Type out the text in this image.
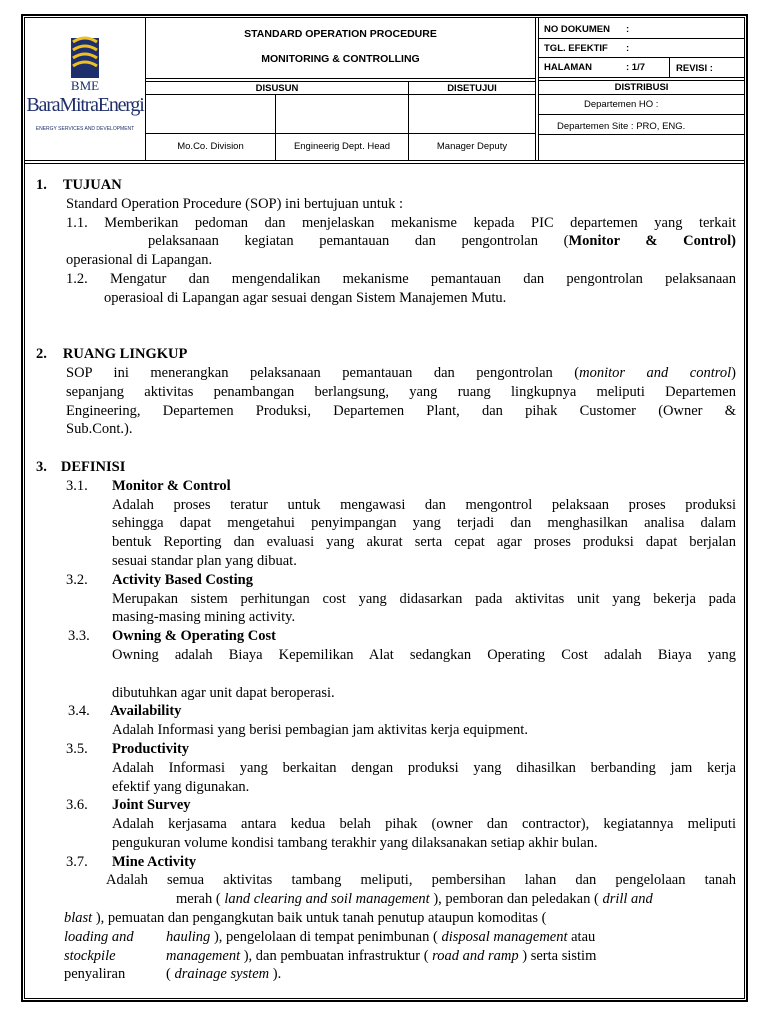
BME
BaraMitraEnergi
ENERGY SERVICES AND DEVELOPMENT
STANDARD OPERATION PROCEDURE
MONITORING & CONTROLLING
DISUSUN	DISETUJUI
Mo.Co. Division	Engineerig Dept. Head	Manager Deputy
NO DOKUMEN :
TGL. EFEKTIF :
HALAMAN	: 1/7	REVISI :
DISTRIBUSI
Departemen HO :
Departemen Site : PRO, ENG.

1. TUJUAN

Standard Operation Procedure (SOP) ini bertujuan untuk :

1.1. Memberikan pedoman dan menjelaskan mekanisme kepada PIC departemen yang terkait

pelaksanaan kegiatan pemantauan dan pengontrolan (Monitor & Control)

operasional di Lapangan.

1.2. Mengatur dan mengendalikan mekanisme pemantauan dan pengontrolan pelaksanaan

operasioal di Lapangan agar sesuai dengan Sistem Manajemen Mutu.

2. RUANG LINGKUP

SOP ini menerangkan pelaksanaan pemantauan dan pengontrolan (monitor and control)

sepanjang aktivitas penambangan berlangsung, yang ruang lingkupnya meliputi Departemen

Engineering, Departemen Produksi, Departemen Plant, dan pihak Customer (Owner &

Sub.Cont.).

3. DEFINISI

3.1. Monitor & Control

Adalah proses teratur untuk mengawasi dan mengontrol pelaksaan proses produksi

sehingga dapat mengetahui penyimpangan yang terjadi dan menghasilkan analisa dalam

bentuk Reporting dan evaluasi yang akurat serta cepat agar proses produksi dapat berjalan

sesuai standar plan yang dibuat.

3.2. Activity Based Costing

Merupakan sistem perhitungan cost yang didasarkan pada aktivitas unit yang bekerja pada

masing-masing mining activity.

3.3. Owning & Operating Cost

Owning adalah Biaya Kepemilikan Alat sedangkan Operating Cost adalah Biaya yang

dibutuhkan agar unit dapat beroperasi.

3.4. Availability

Adalah Informasi yang berisi pembagian jam aktivitas kerja equipment.

3.5. Productivity

Adalah Informasi yang berkaitan dengan produksi yang dihasilkan berbanding jam kerja

efektif yang digunakan.

3.6. Joint Survey

Adalah kerjasama antara kedua belah pihak (owner dan contractor), kegiatannya meliputi

pengukuran volume kondisi tambang terakhir yang dilaksanakan setiap akhir bulan.

3.7. Mine Activity

Adalah semua aktivitas tambang meliputi, pembersihan lahan dan pengelolaan tanah

merah ( land clearing and soil management ), pemboran dan peledakan ( drill and

blast ), pemuatan dan pengangkutan baik untuk tanah penutup ataupun komoditas (

loading and hauling ), pengelolaan di tempat penimbunan ( disposal management atau

stockpile	management ), dan pembuatan infrastruktur ( road and ramp ) serta sistim

penyaliran	( drainage system ).
